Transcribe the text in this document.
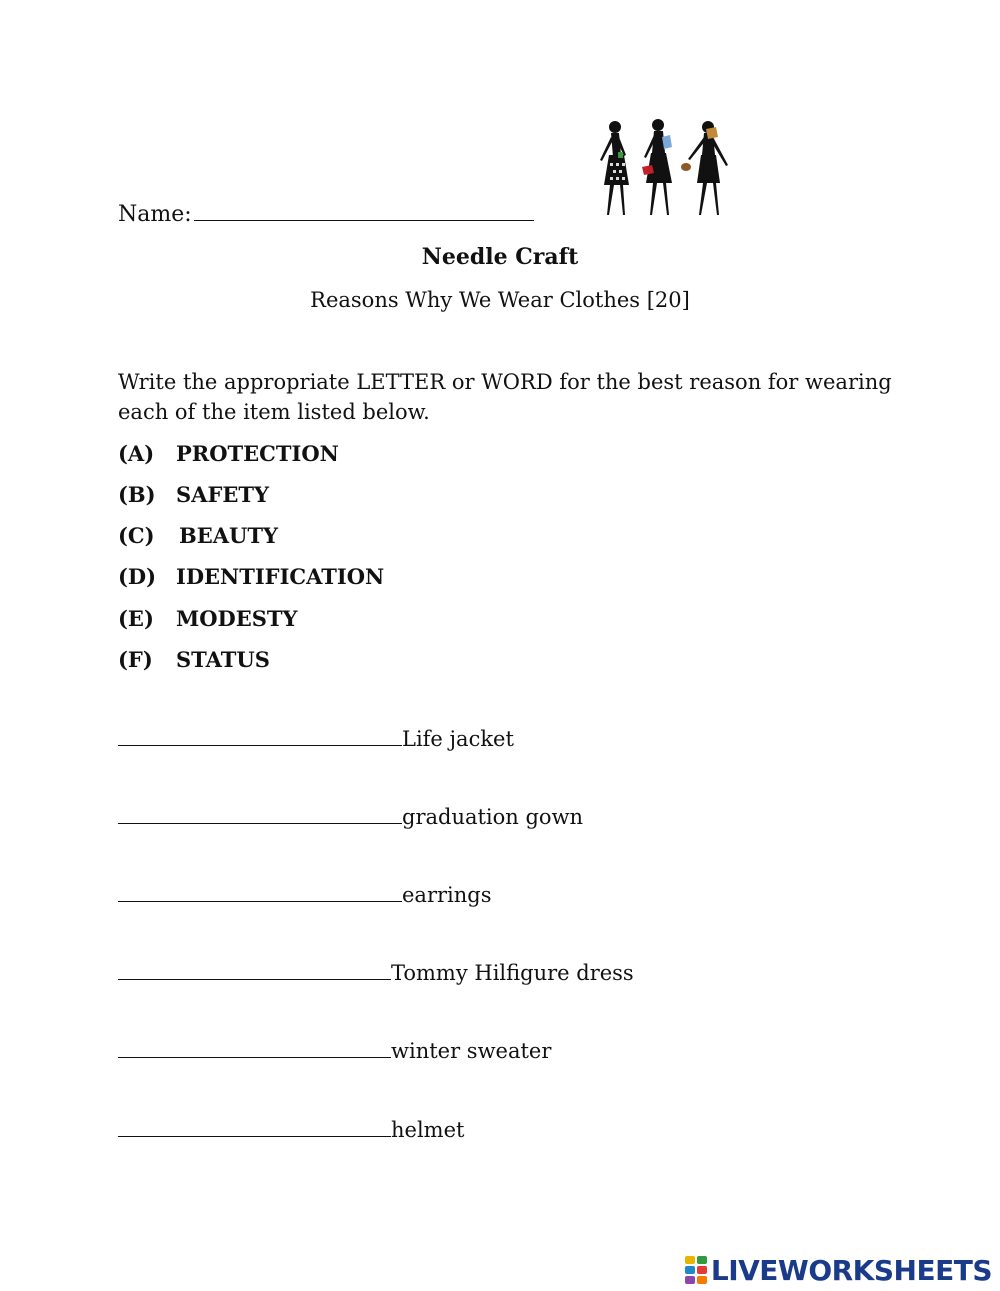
Name:
Needle Craft
Reasons Why We Wear Clothes [20]
Write the appropriate LETTER or WORD for the best reason for wearing each of the item listed below.
(A) PROTECTION
(B) SAFETY
(C) BEAUTY
(D) IDENTIFICATION
(E) MODESTY
(F) STATUS
Life jacket
graduation gown
earrings
Tommy Hilfigure dress
winter sweater
helmet
LIVEWORKSHEETS
